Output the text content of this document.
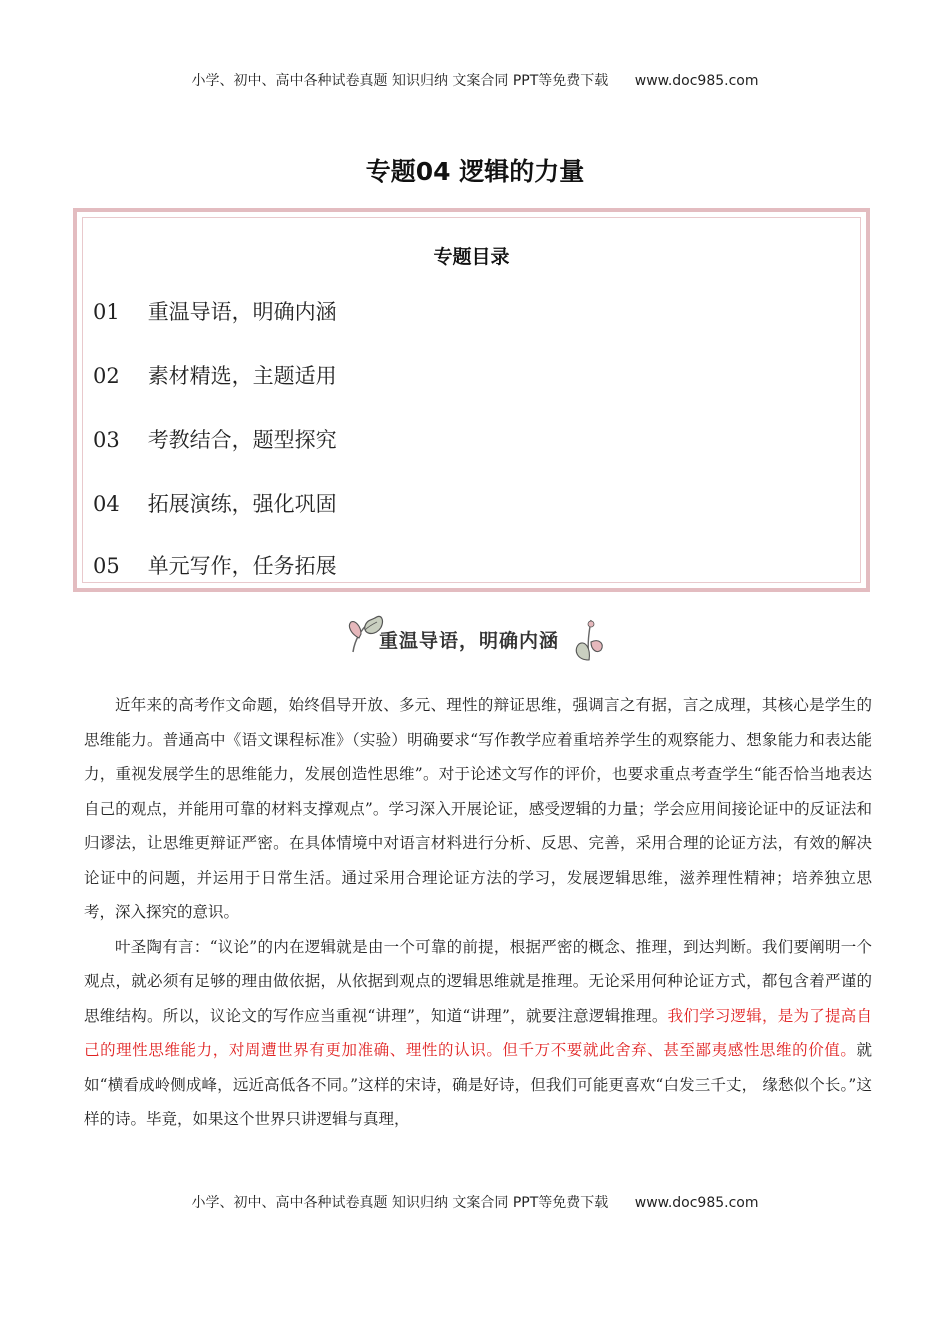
小学、初中、高中各种试卷真题 知识归纳 文案合同 PPT等免费下载 www.doc985.com
专题04 逻辑的力量
专题目录
01 重温导语，明确内涵
02 素材精选，主题适用
03 考教结合，题型探究
04 拓展演练，强化巩固
05 单元写作，任务拓展
重温导语，明确内涵

近年来的高考作文命题，始终倡导开放、多元、理性的辩证思维，强调言之有据，言之成理，其核心是学生的思维能力。普通高中《语文课程标准》（实验）明确要求“写作教学应着重培养学生的观察能力、想象能力和表达能力，重视发展学生的思维能力，发展创造性思维”。对于论述文写作的评价，也要求重点考查学生“能否恰当地表达自己的观点，并能用可靠的材料支撑观点”。学习深入开展论证，感受逻辑的力量；学会应用间接论证中的反证法和归谬法，让思维更辩证严密。在具体情境中对语言材料进行分析、反思、完善，采用合理的论证方法，有效的解决论证中的问题，并运用于日常生活。通过采用合理论证方法的学习，发展逻辑思维，滋养理性精神；培养独立思考，深入探究的意识。

叶圣陶有言：“议论”的内在逻辑就是由一个可靠的前提，根据严密的概念、推理，到达判断。我们要阐明一个观点，就必须有足够的理由做依据，从依据到观点的逻辑思维就是推理。无论采用何种论证方式，都包含着严谨的思维结构。所以，议论文的写作应当重视“讲理”，知道“讲理”，就要注意逻辑推理。我们学习逻辑，是为了提高自己的理性思维能力，对周遭世界有更加准确、理性的认识。但千万不要就此舍弃、甚至鄙夷感性思维的价值。就如“横看成岭侧成峰，远近高低各不同。”这样的宋诗，确是好诗，但我们可能更喜欢“白发三千丈， 缘愁似个长。”这样的诗。毕竟，如果这个世界只讲逻辑与真理，

小学、初中、高中各种试卷真题 知识归纳 文案合同 PPT等免费下载 www.doc985.com
